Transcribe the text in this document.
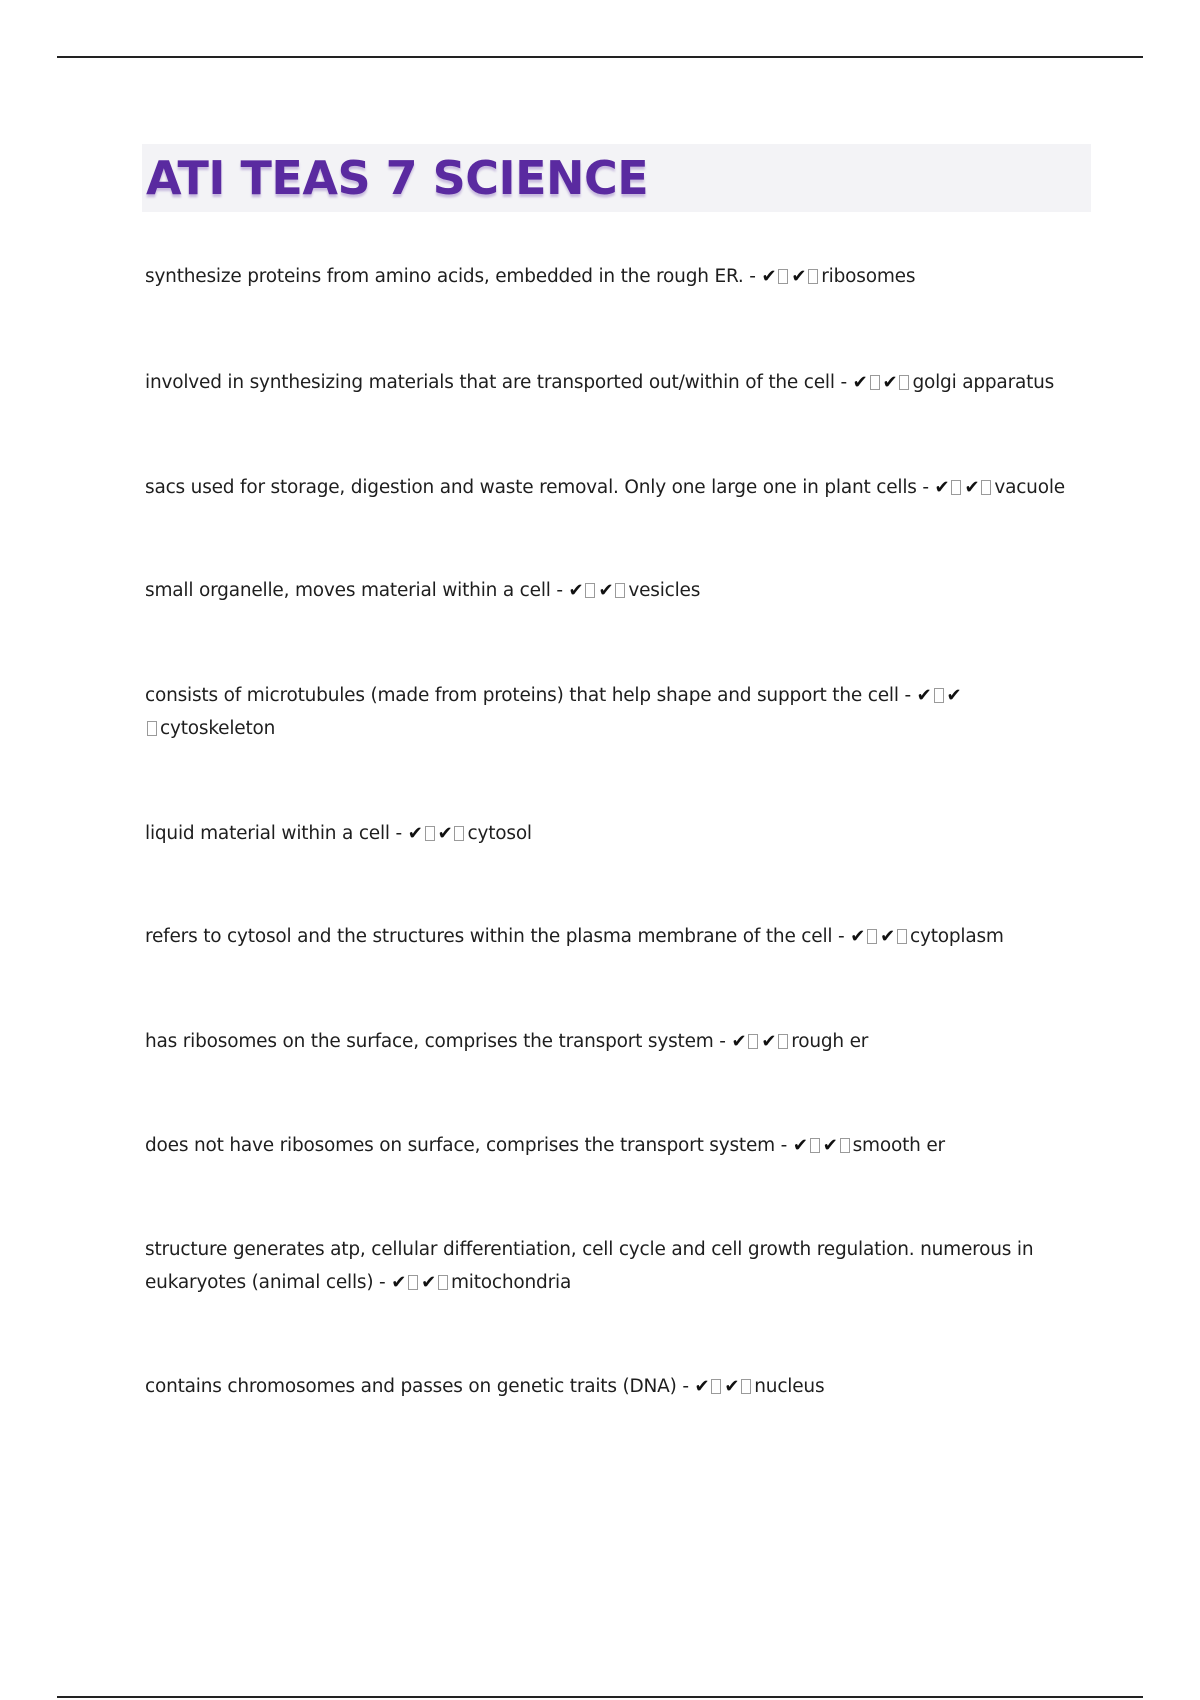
ATI TEAS 7 SCIENCE
synthesize proteins from amino acids, embedded in the rough ER. - ✔ ✔ ribosomes
involved in synthesizing materials that are transported out/within of the cell - ✔ ✔ golgi apparatus
sacs used for storage, digestion and waste removal. Only one large one in plant cells - ✔ ✔ vacuole
small organelle, moves material within a cell - ✔ ✔ vesicles
consists of microtubules (made from proteins) that help shape and support the cell - ✔ ✔
cytoskeleton
liquid material within a cell - ✔ ✔ cytosol
refers to cytosol and the structures within the plasma membrane of the cell - ✔ ✔ cytoplasm
has ribosomes on the surface, comprises the transport system - ✔ ✔ rough er
does not have ribosomes on surface, comprises the transport system - ✔ ✔ smooth er
structure generates atp, cellular differentiation, cell cycle and cell growth regulation. numerous in eukaryotes (animal cells) - ✔ ✔ mitochondria
contains chromosomes and passes on genetic traits (DNA) - ✔ ✔ nucleus
